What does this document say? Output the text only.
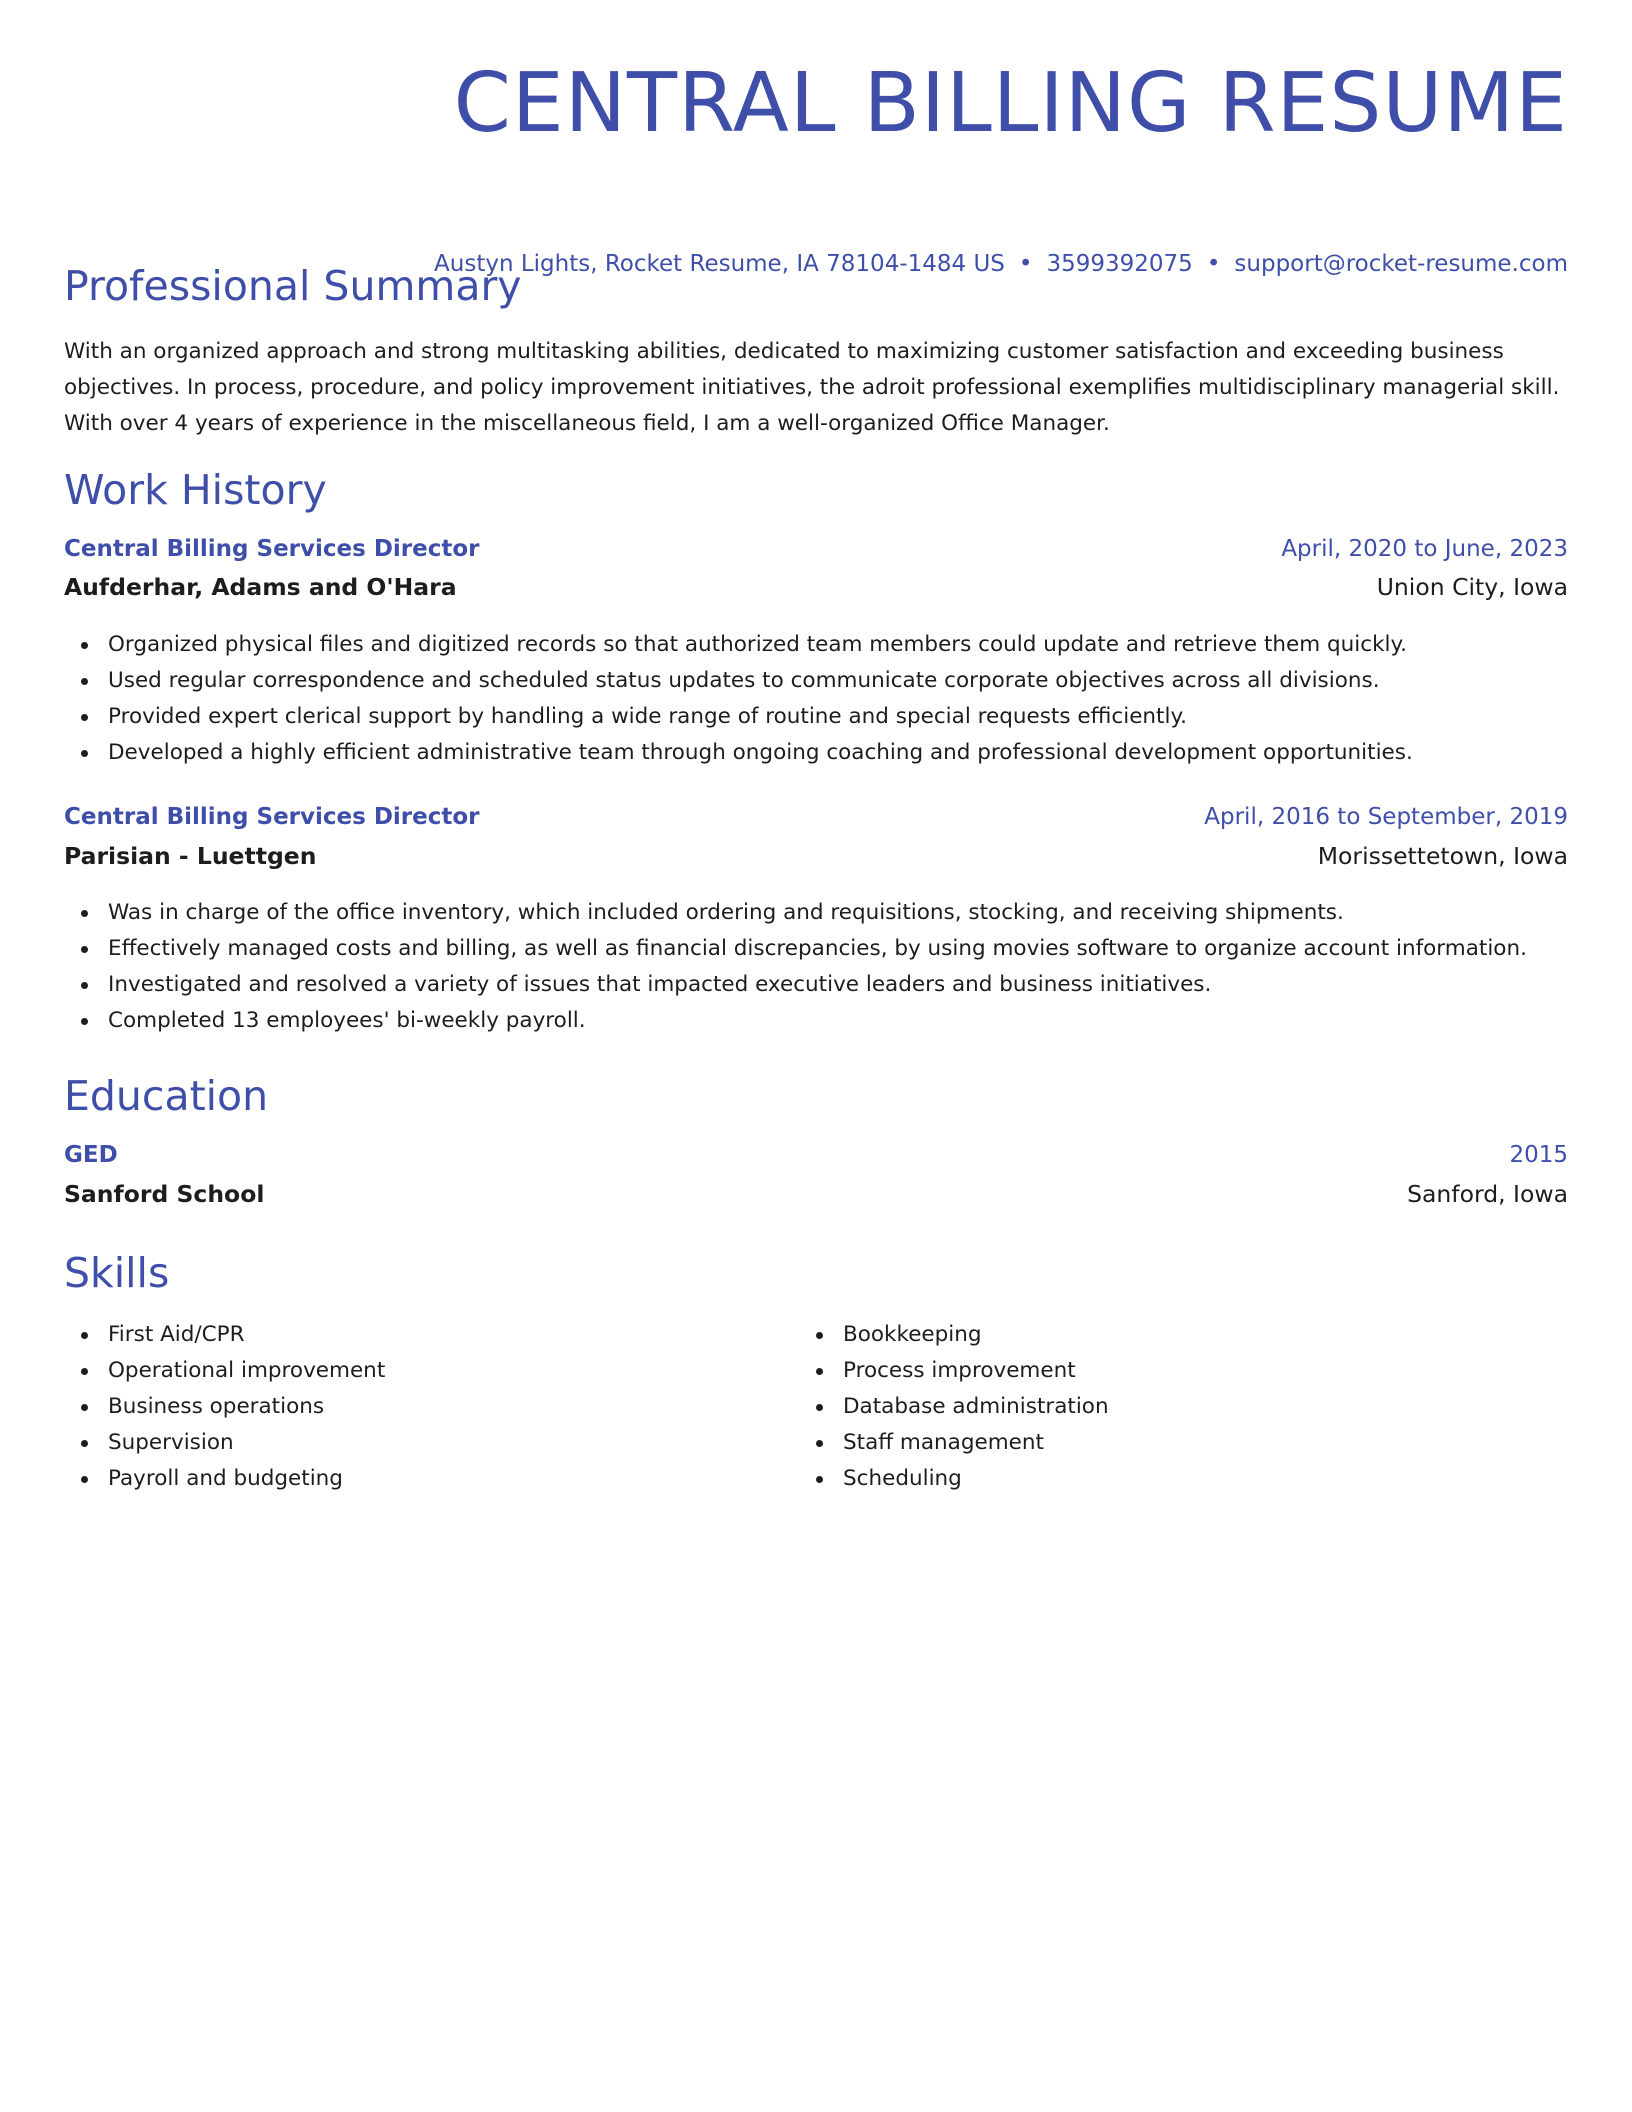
CENTRAL BILLING RESUME
Austyn Lights, Rocket Resume, IA 78104-1484 US • 3599392075 • support@rocket-resume.com
Professional Summary

With an organized approach and strong multitasking abilities, dedicated to maximizing customer satisfaction and exceeding business objectives. In process, procedure, and policy improvement initiatives, the adroit professional exemplifies multidisciplinary managerial skill. With over 4 years of experience in the miscellaneous field, I am a well-organized Office Manager.

Work History
Central Billing Services Director	April, 2020 to June, 2023
Aufderhar, Adams and O'Hara	Union City, Iowa
Organized physical files and digitized records so that authorized team members could update and retrieve them quickly.
Used regular correspondence and scheduled status updates to communicate corporate objectives across all divisions.
Provided expert clerical support by handling a wide range of routine and special requests efficiently.
Developed a highly efficient administrative team through ongoing coaching and professional development opportunities.
Central Billing Services Director	April, 2016 to September, 2019
Parisian - Luettgen	Morissettetown, Iowa
Was in charge of the office inventory, which included ordering and requisitions, stocking, and receiving shipments.
Effectively managed costs and billing, as well as financial discrepancies, by using movies software to organize account information.
Investigated and resolved a variety of issues that impacted executive leaders and business initiatives.
Completed 13 employees' bi-weekly payroll.
Education
GED	2015
Sanford School	Sanford, Iowa
Skills
First Aid/CPR
Operational improvement
Business operations
Supervision
Payroll and budgeting
Bookkeeping
Process improvement
Database administration
Staff management
Scheduling
